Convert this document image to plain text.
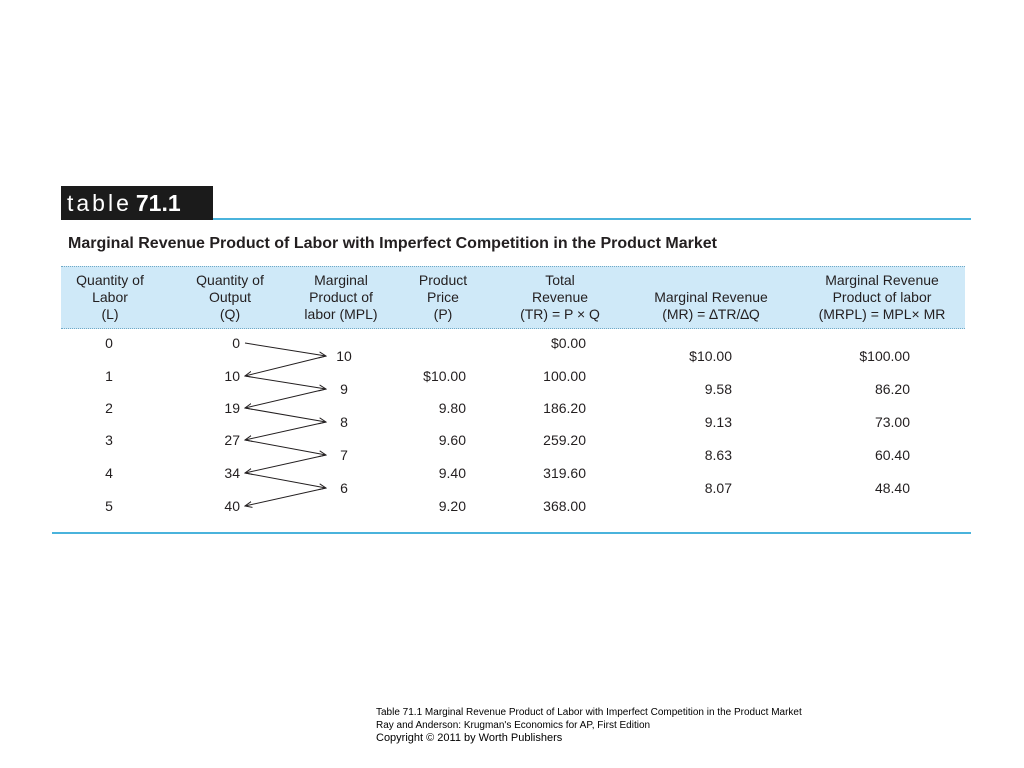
table 71.1
Marginal Revenue Product of Labor with Imperfect Competition in the Product Market
Quantity of
Labor
(L)
Quantity of
Output
(Q)
Marginal
Product of
labor (MPL)
Product
Price
(P)
Total
Revenue
(TR) = P × Q

Marginal Revenue
(MR) = ∆TR/∆Q
Marginal Revenue
Product of labor
(MRPL) = MPL× MR
0
1
2
3
4
5
0
10
19
27
34
40
$10.00
9.80
9.60
9.40
9.20
$0.00
100.00
186.20
259.20
319.60
368.00
10
9
8
7
6
$10.00
9.58
9.13
8.63
8.07
$100.00
86.20
73.00
60.40
48.40
Table 71.1 Marginal Revenue Product of Labor with Imperfect Competition in the Product Market
Ray and Anderson: Krugman's Economics for AP, First Edition
Copyright © 2011 by Worth Publishers
